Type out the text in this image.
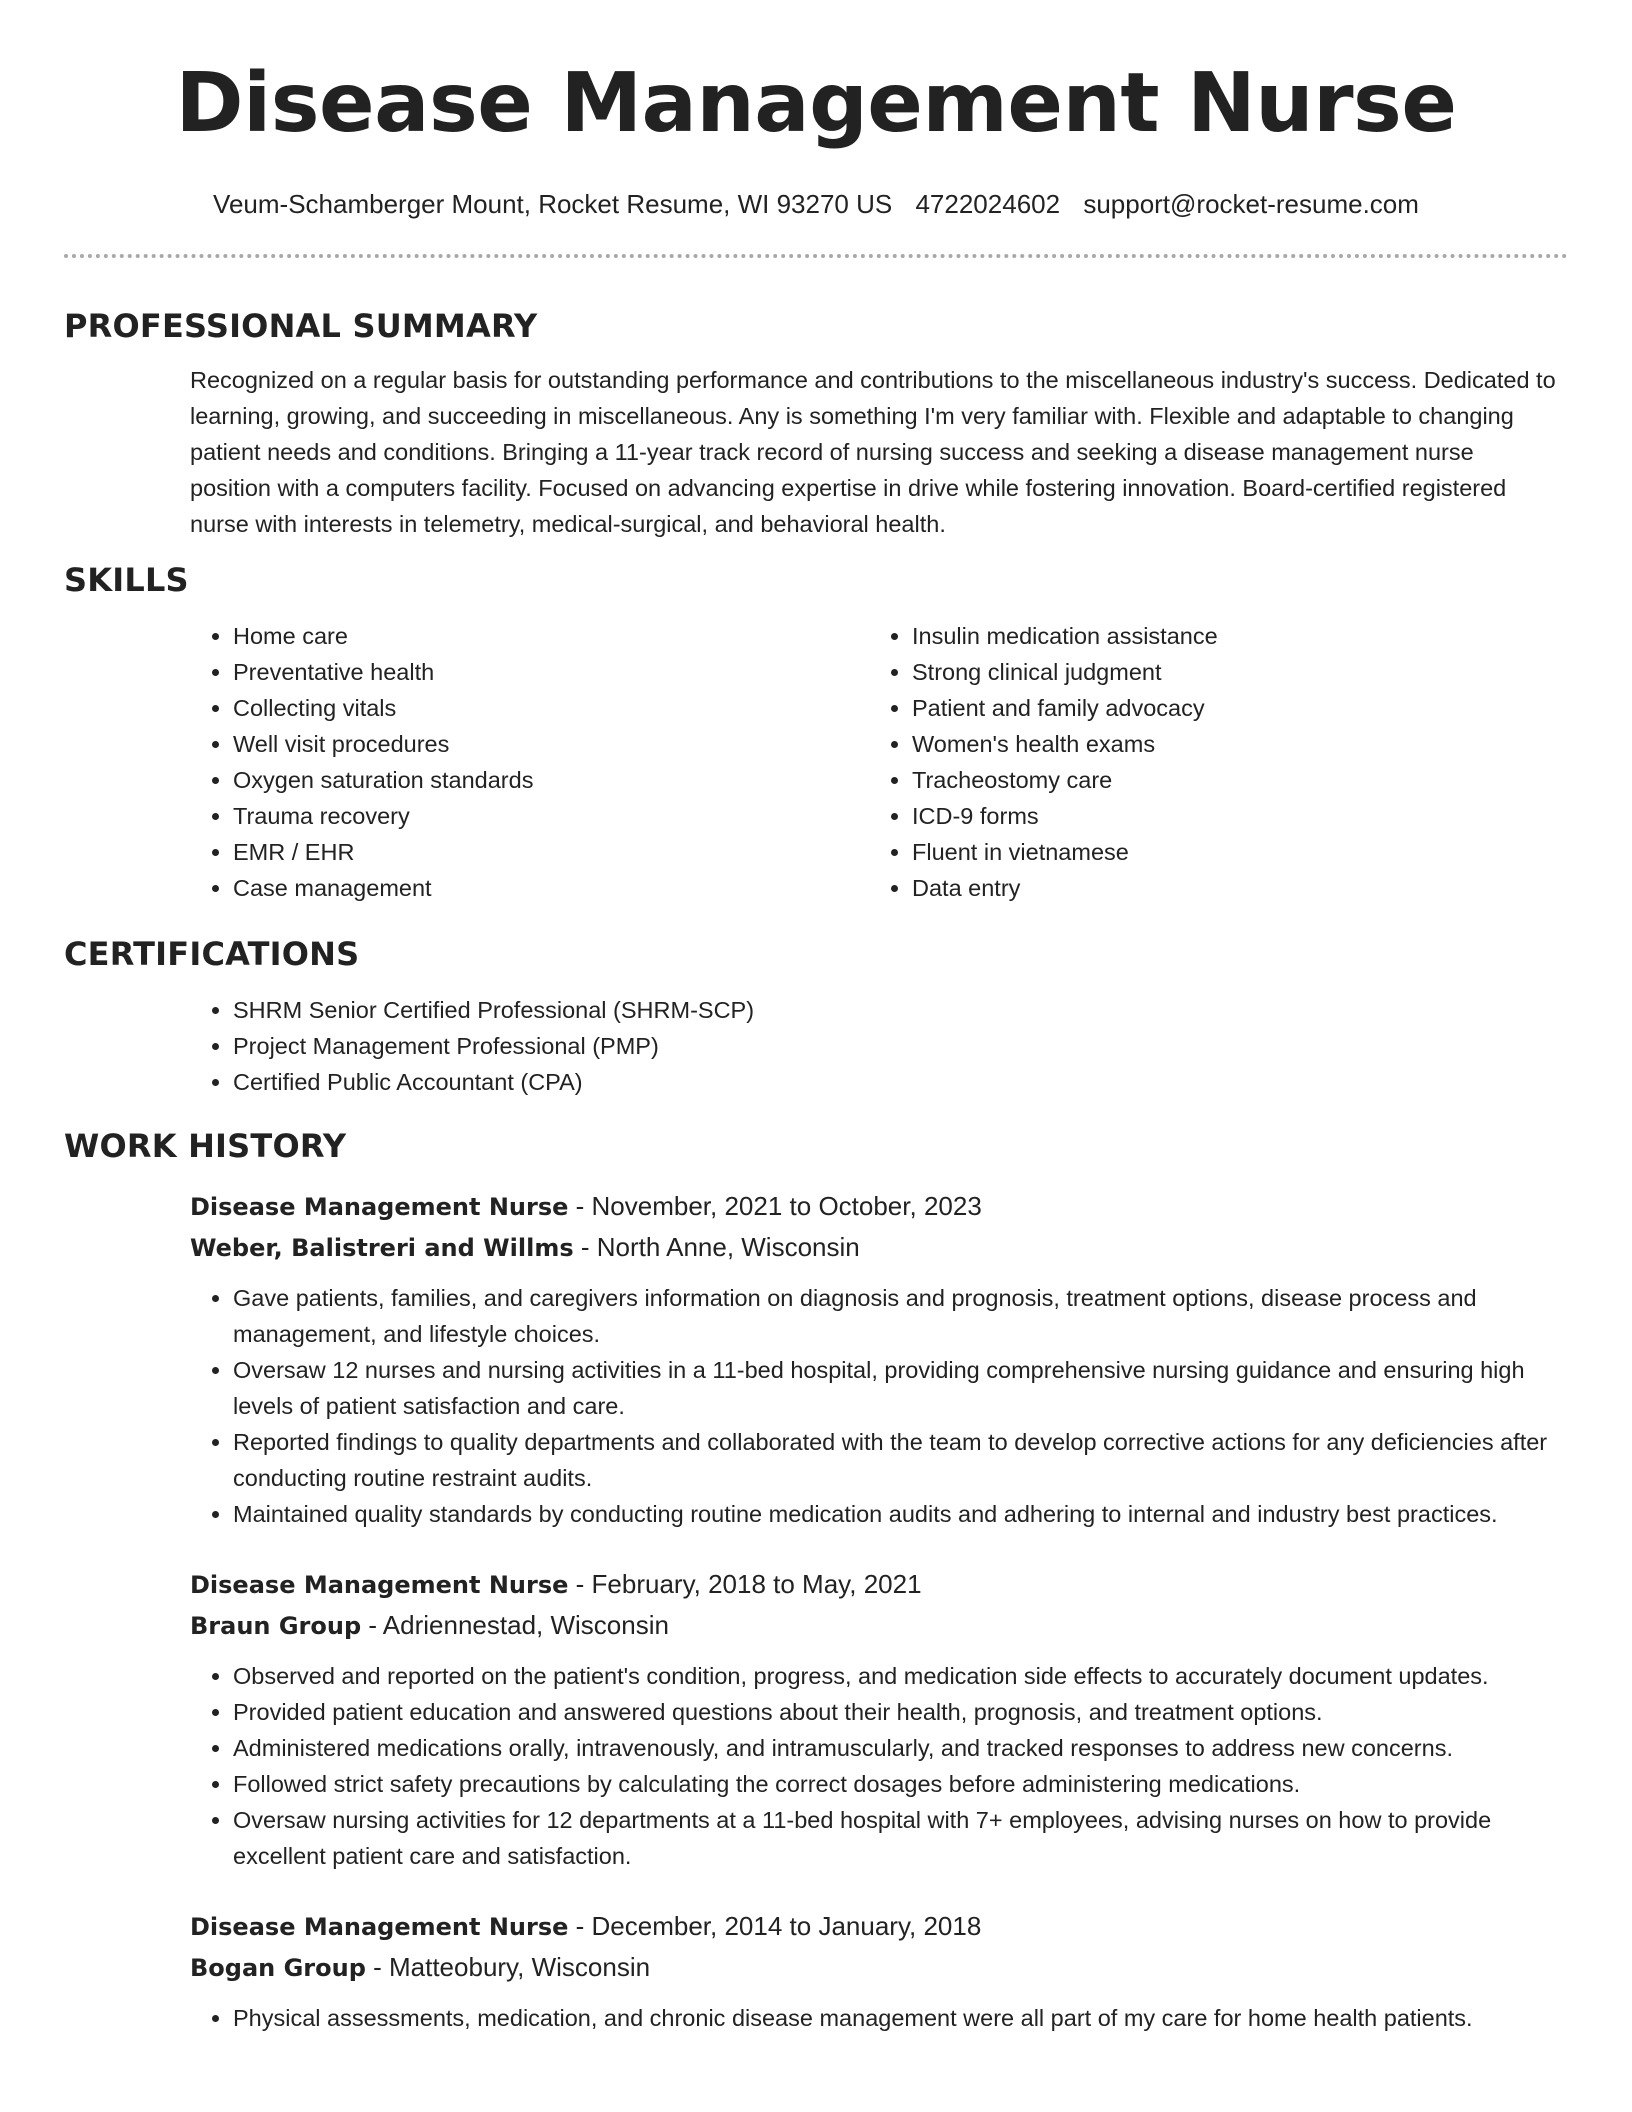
Disease Management Nurse
Veum-Schamberger Mount, Rocket Resume, WI 93270 US 4722024602 support@rocket-resume.com
PROFESSIONAL SUMMARY
Recognized on a regular basis for outstanding performance and contributions to the miscellaneous industry's success. Dedicated to learning, growing, and succeeding in miscellaneous. Any is something I'm very familiar with. Flexible and adaptable to changing patient needs and conditions. Bringing a 11-year track record of nursing success and seeking a disease management nurse position with a computers facility. Focused on advancing expertise in drive while fostering innovation. Board-certified registered nurse with interests in telemetry, medical-surgical, and behavioral health.
SKILLS
• Home care
• Preventative health
• Collecting vitals
• Well visit procedures
• Oxygen saturation standards
• Trauma recovery
• EMR / EHR
• Case management
• Insulin medication assistance
• Strong clinical judgment
• Patient and family advocacy
• Women's health exams
• Tracheostomy care
• ICD-9 forms
• Fluent in vietnamese
• Data entry
CERTIFICATIONS
• SHRM Senior Certified Professional (SHRM-SCP)
• Project Management Professional (PMP)
• Certified Public Accountant (CPA)
WORK HISTORY
Disease Management Nurse - November, 2021 to October, 2023
Weber, Balistreri and Willms - North Anne, Wisconsin
• Gave patients, families, and caregivers information on diagnosis and prognosis, treatment options, disease process and management, and lifestyle choices.
• Oversaw 12 nurses and nursing activities in a 11-bed hospital, providing comprehensive nursing guidance and ensuring high levels of patient satisfaction and care.
• Reported findings to quality departments and collaborated with the team to develop corrective actions for any deficiencies after conducting routine restraint audits.
• Maintained quality standards by conducting routine medication audits and adhering to internal and industry best practices.
Disease Management Nurse - February, 2018 to May, 2021
Braun Group - Adriennestad, Wisconsin
• Observed and reported on the patient's condition, progress, and medication side effects to accurately document updates.
• Provided patient education and answered questions about their health, prognosis, and treatment options.
• Administered medications orally, intravenously, and intramuscularly, and tracked responses to address new concerns.
• Followed strict safety precautions by calculating the correct dosages before administering medications.
• Oversaw nursing activities for 12 departments at a 11-bed hospital with 7+ employees, advising nurses on how to provide excellent patient care and satisfaction.
Disease Management Nurse - December, 2014 to January, 2018
Bogan Group - Matteobury, Wisconsin
• Physical assessments, medication, and chronic disease management were all part of my care for home health patients.
